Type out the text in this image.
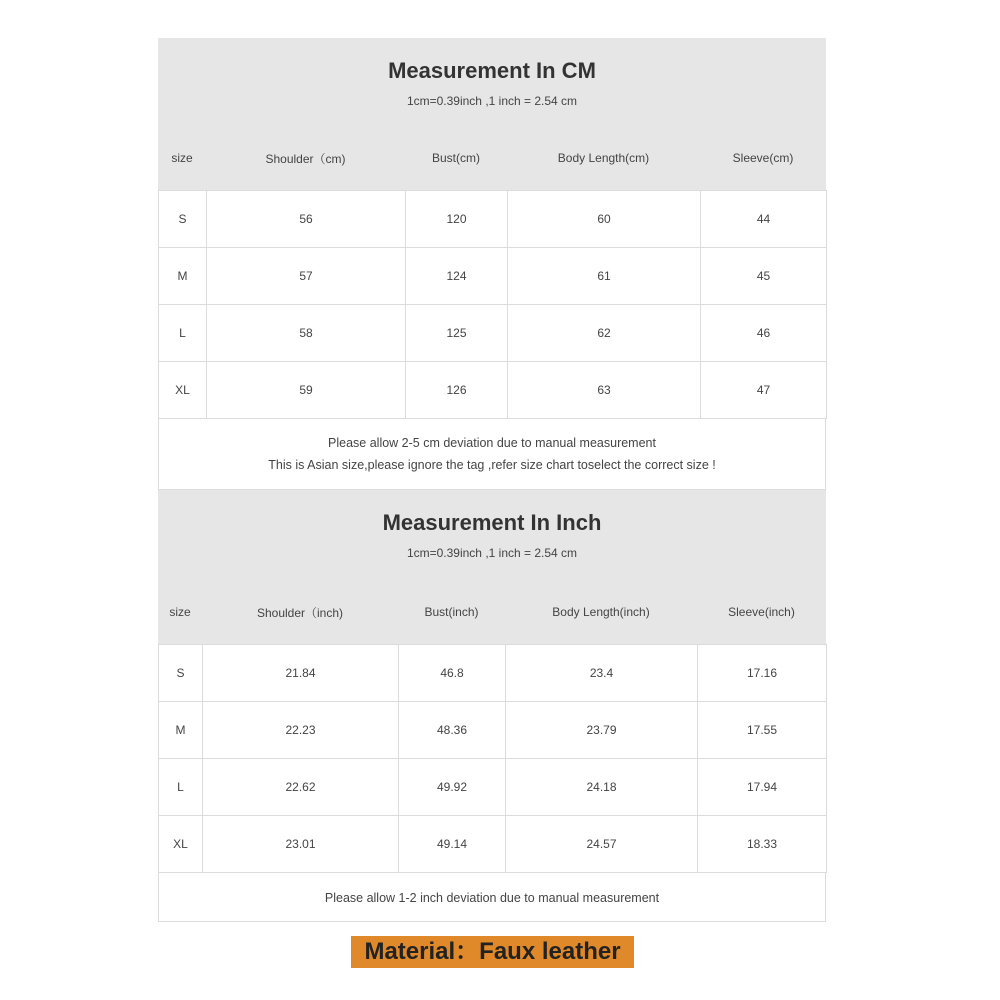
Measurement In CM
1cm=0.39inch ,1 inch = 2.54 cm
size	Shoulder（cm)	Bust(cm)	Body Length(cm)	Sleeve(cm)
S	56	120	60	44
M	57	124	61	45
L	58	125	62	46
XL	59	126	63	47
Please allow 2-5 cm deviation due to manual measurement
This is Asian size,please ignore the tag ,refer size chart toselect the correct size !
Measurement In Inch
1cm=0.39inch ,1 inch = 2.54 cm
size	Shoulder（inch)	Bust(inch)	Body Length(inch)	Sleeve(inch)
S	21.84	46.8	23.4	17.16
M	22.23	48.36	23.79	17.55
L	22.62	49.92	24.18	17.94
XL	23.01	49.14	24.57	18.33
Please allow 1-2 inch deviation due to manual measurement
Material：Faux leather
